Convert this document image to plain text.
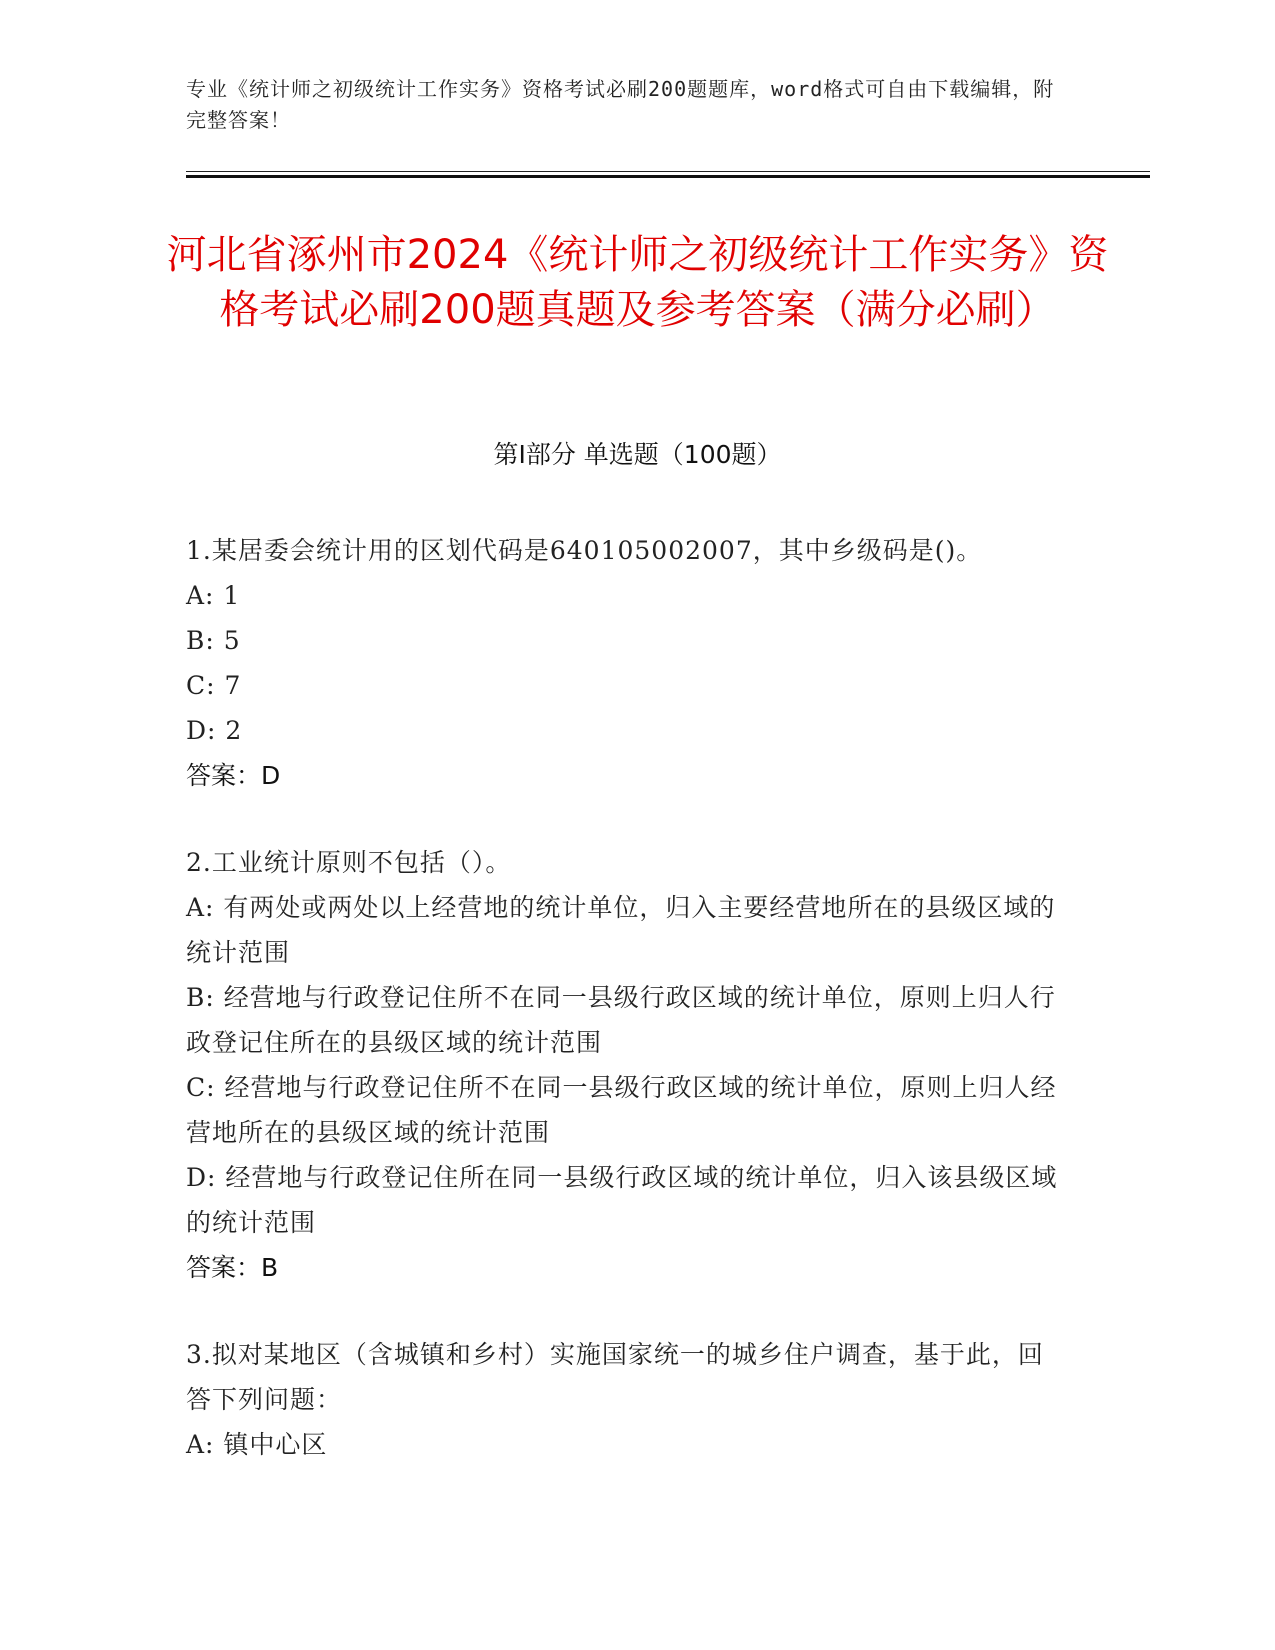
专业《统计师之初级统计工作实务》资格考试必刷200题题库，word格式可自由下载编辑，附完整答案！
河北省涿州市2024《统计师之初级统计工作实务》资格考试必刷200题真题及参考答案（满分必刷）
第Ⅰ部分 单选题（100题）

1.某居委会统计用的区划代码是640105002007，其中乡级码是()。

A: 1

B: 5

C: 7

D: 2

答案：D

2.工业统计原则不包括（）。

A: 有两处或两处以上经营地的统计单位，归入主要经营地所在的县级区域的统计范围

B: 经营地与行政登记住所不在同一县级行政区域的统计单位，原则上归人行政登记住所在的县级区域的统计范围

C: 经营地与行政登记住所不在同一县级行政区域的统计单位，原则上归人经营地所在的县级区域的统计范围

D: 经营地与行政登记住所在同一县级行政区域的统计单位，归入该县级区域的统计范围

答案：B

3.拟对某地区（含城镇和乡村）实施国家统一的城乡住户调查，基于此，回答下列问题：

A: 镇中心区
